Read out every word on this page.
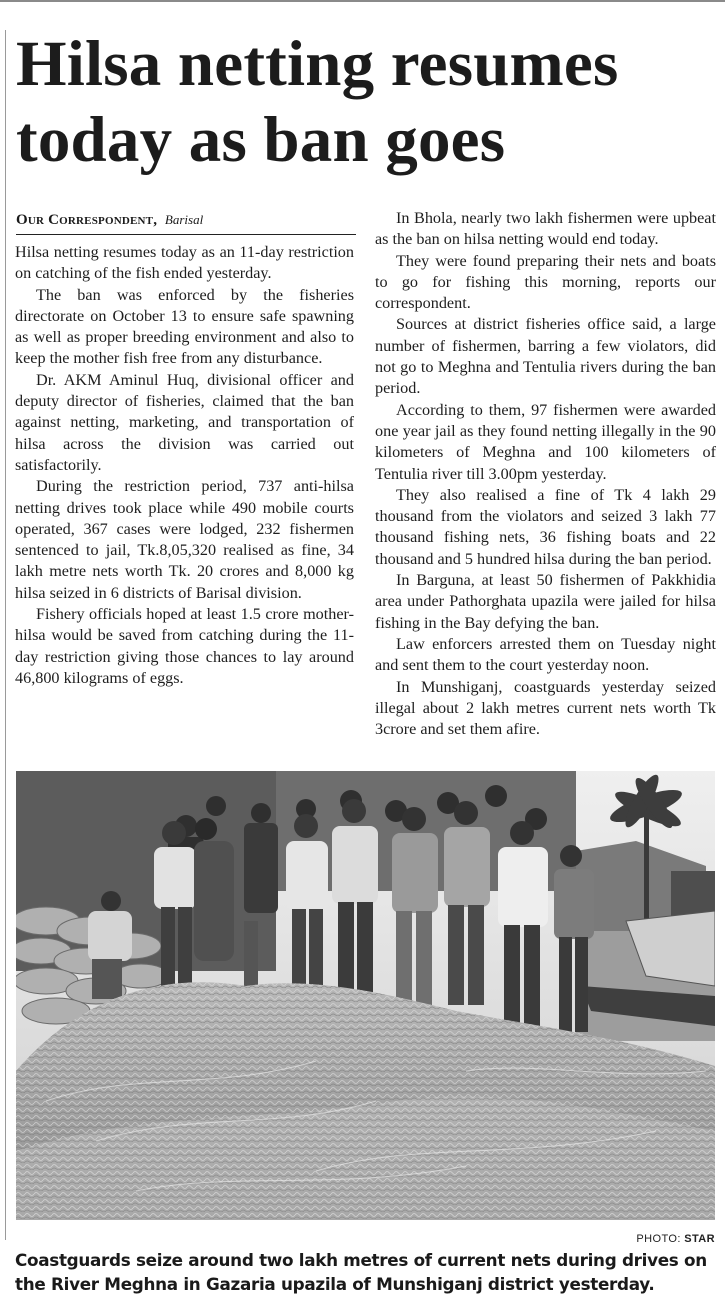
Hilsa netting resumes today as ban goes
Our Correspondent, Barisal

Hilsa netting resumes today as an 11-day restriction on catching of the fish ended yesterday.

The ban was enforced by the fisheries directorate on October 13 to ensure safe spawning as well as proper breeding environment and also to keep the mother fish free from any disturbance.

Dr. AKM Aminul Huq, divisional officer and deputy director of fisheries, claimed that the ban against netting, marketing, and transportation of hilsa across the division was carried out satisfactorily.

During the restriction period, 737 anti-hilsa netting drives took place while 490 mobile courts operated, 367 cases were lodged, 232 fishermen sentenced to jail, Tk.8,05,320 realised as fine, 34 lakh metre nets worth Tk. 20 crores and 8,000 kg hilsa seized in 6 districts of Barisal division.

Fishery officials hoped at least 1.5 crore mother-hilsa would be saved from catching during the 11-day restriction giving those chances to lay around 46,800 kilograms of eggs.

In Bhola, nearly two lakh fishermen were upbeat as the ban on hilsa netting would end today.

They were found preparing their nets and boats to go for fishing this morning, reports our correspondent.

Sources at district fisheries office said, a large number of fishermen, barring a few violators, did not go to Meghna and Tentulia rivers during the ban period.

According to them, 97 fishermen were awarded one year jail as they found netting illegally in the 90 kilometers of Meghna and 100 kilometers of Tentulia river till 3.00pm yesterday.

They also realised a fine of Tk 4 lakh 29 thousand from the violators and seized 3 lakh 77 thousand fishing nets, 36 fishing boats and 22 thousand and 5 hundred hilsa during the ban period.

In Barguna, at least 50 fishermen of Pakkhidia area under Pathorghata upazila were jailed for hilsa fishing in the Bay defying the ban.

Law enforcers arrested them on Tuesday night and sent them to the court yesterday noon.

In Munshiganj, coastguards yesterday seized illegal about 2 lakh metres current nets worth Tk 3crore and set them afire.

PHOTO: STAR
Coastguards seize around two lakh metres of current nets during drives on the River Meghna in Gazaria upazila of Munshiganj district yesterday.
